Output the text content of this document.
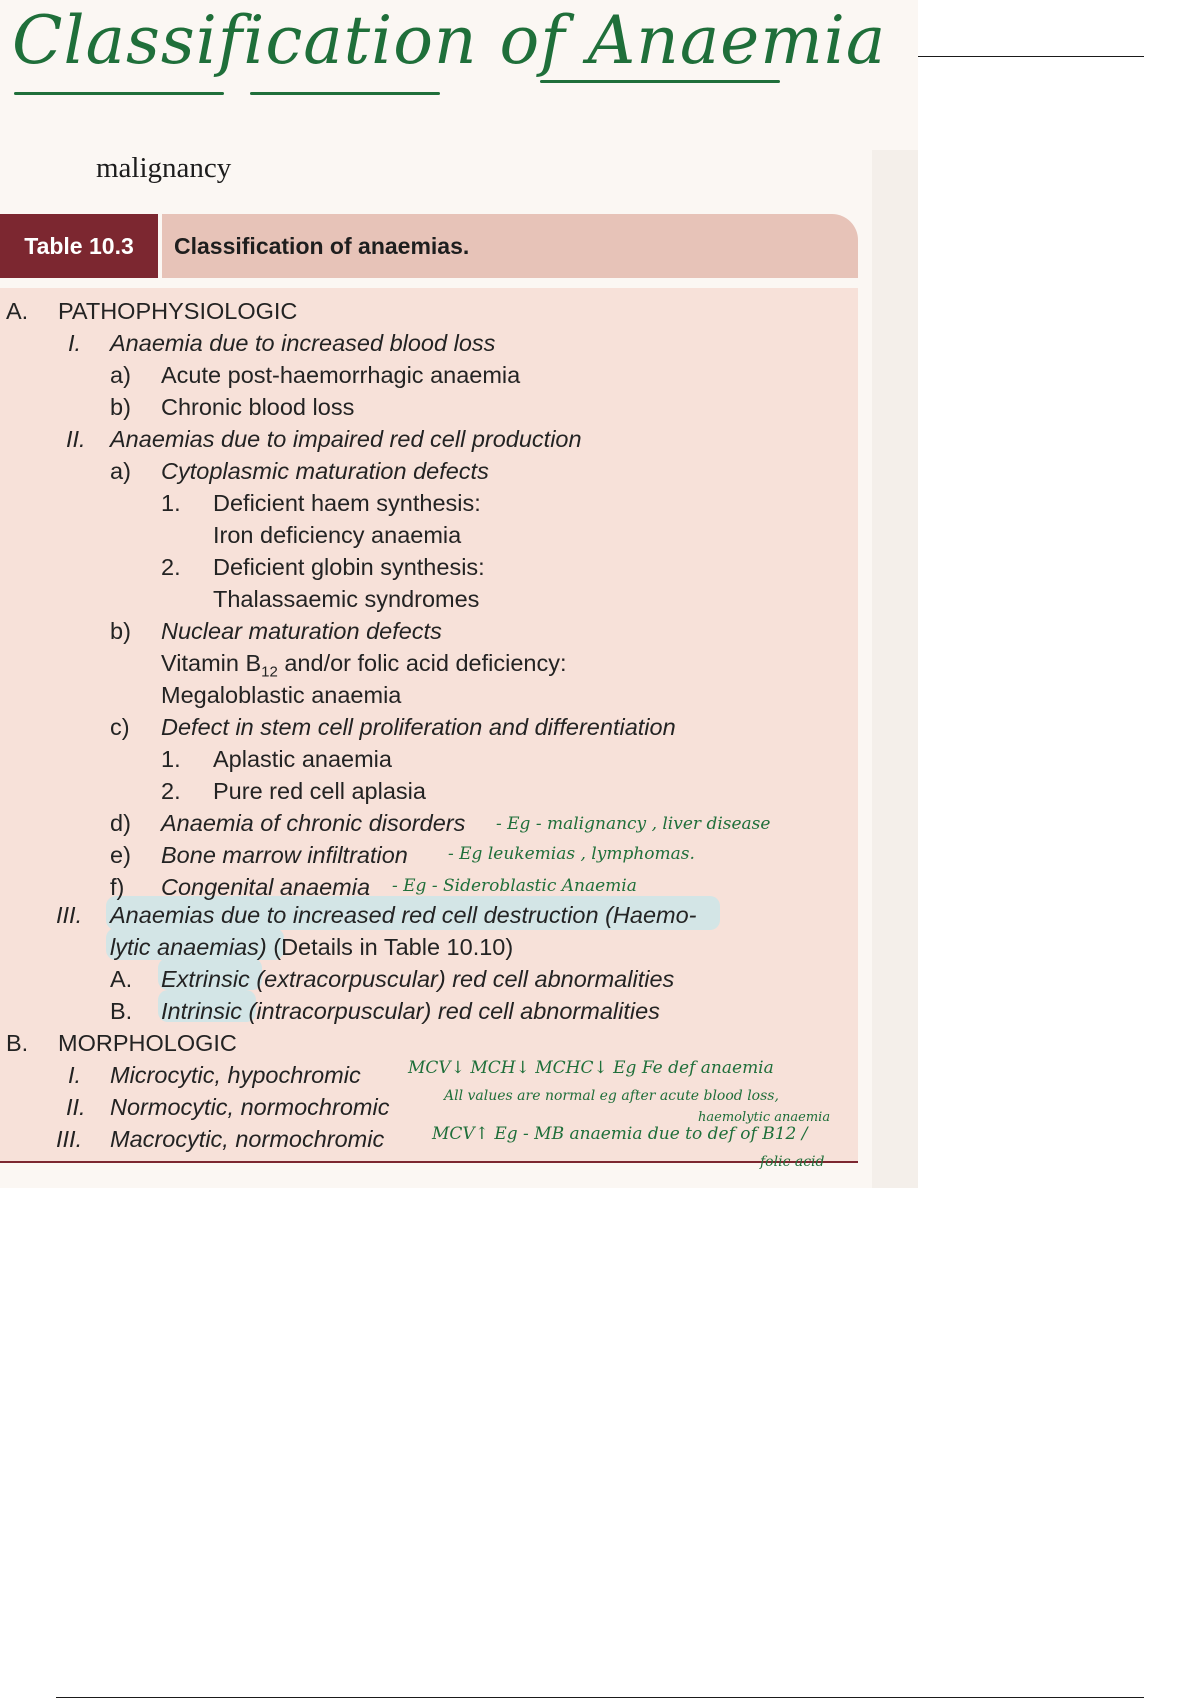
Classification of Anaemia
malignancy
Table 10.3	Classification of anaemias.
A. PATHOPHYSIOLOGIC
I. Anaemia due to increased blood loss
a) Acute post-haemorrhagic anaemia
b) Chronic blood loss
II. Anaemias due to impaired red cell production
a) Cytoplasmic maturation defects
1. Deficient haem synthesis:
Iron deficiency anaemia
2. Deficient globin synthesis:
Thalassaemic syndromes
b) Nuclear maturation defects
Vitamin $B_{12}$ and/or folic acid deficiency:
Megaloblastic anaemia
c) Defect in stem cell proliferation and differentiation
1. Aplastic anaemia
2. Pure red cell aplasia
d) Anaemia of chronic disorders - Eg - malignancy , liver disease
e) Bone marrow infiltration - Eg leukemias , lymphomas.
f) Congenital anaemia - Eg - Sideroblastic Anaemia
III. Anaemias due to increased red cell destruction (Haemo-
lytic anaemias) (Details in Table 10.10)
A. Extrinsic (extracorpuscular) red cell abnormalities
B. Intrinsic (intracorpuscular) red cell abnormalities
B. MORPHOLOGIC
I. Microcytic, hypochromic	MCV↓ MCH↓ MCHC↓ Eg Fe def anaemia
II. Normocytic, normochromic	All values are normal eg after acute blood loss,
haemolytic anaemia
III. Macrocytic, normochromic	MCV↑ Eg - MB anaemia due to def of B12 /
folic acid
